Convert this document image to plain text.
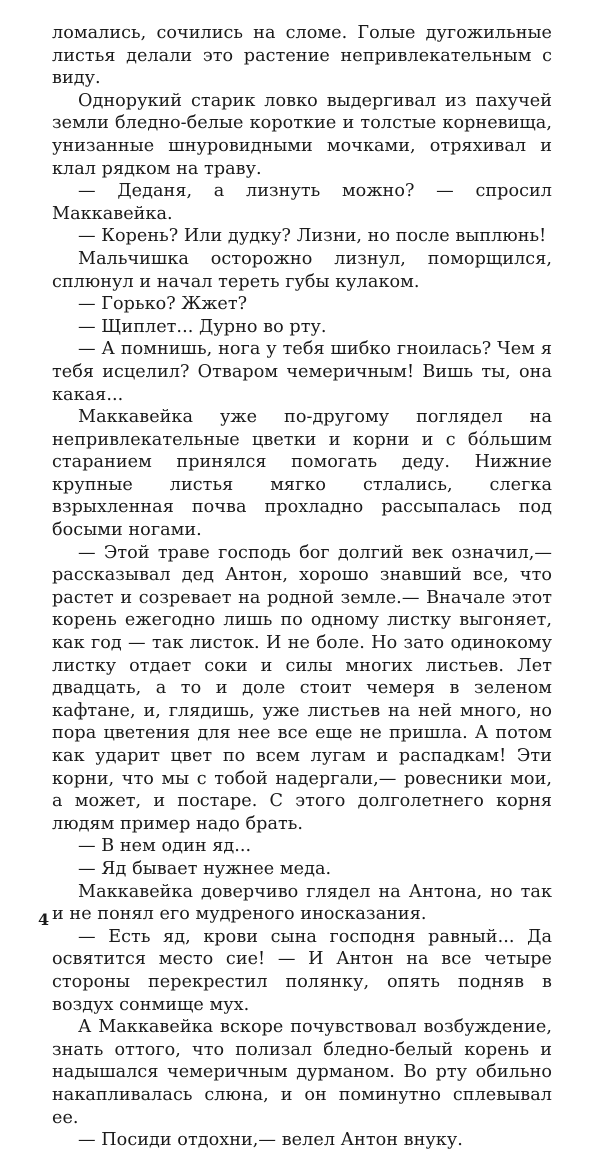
ломались, сочились на сломе. Голые дугожильные листья делали это растение непривлекательным с виду.

Однорукий старик ловко выдергивал из пахучей земли бледно-белые короткие и толстые корневища, унизанные шнуровидными мочками, отряхивал и клал рядком на траву.

— Деданя, а лизнуть можно? — спросил Маккавейка.

— Корень? Или дудку? Лизни, но после выплюнь!

Мальчишка осторожно лизнул, поморщился, сплюнул и начал тереть губы кулаком.

— Горько? Жжет?

— Щиплет... Дурно во рту.

— А помнишь, нога у тебя шибко гноилась? Чем я тебя исцелил? Отваром чемеричным! Вишь ты, она какая...

Маккавейка уже по-другому поглядел на непривлекательные цветки и корни и с бо́льшим старанием принялся помогать деду. Нижние крупные листья мягко стлались, слегка взрыхленная почва прохладно рассыпалась под босыми ногами.

— Этой траве господь бог долгий век означил,— рассказывал дед Антон, хорошо знавший все, что растет и созревает на родной земле.— Вначале этот корень ежегодно лишь по одному листку выгоняет, как год — так листок. И не боле. Но зато одинокому листку отдает соки и силы многих листьев. Лет двадцать, а то и доле стоит чемеря в зеленом кафтане, и, глядишь, уже листьев на ней много, но пора цветения для нее все еще не пришла. А потом как ударит цвет по всем лугам и распадкам! Эти корни, что мы с тобой надергали,— ровесники мои, а может, и постаре. С этого долголетнего корня людям пример надо брать.

— В нем один яд...

— Яд бывает нужнее меда.

Маккавейка доверчиво глядел на Антона, но так и не понял его мудреного иносказания.

— Есть яд, крови сына господня равный... Да освятится место сие! — И Антон на все четыре стороны перекрестил полянку, опять подняв в воздух сонмище мух.

А Маккавейка вскоре почувствовал возбуждение, знать оттого, что полизал бледно-белый корень и надышался чемеричным дурманом. Во рту обильно накапливалась слюна, и он поминутно сплевывал ее.

— Посиди отдохни,— велел Антон внуку.

4
